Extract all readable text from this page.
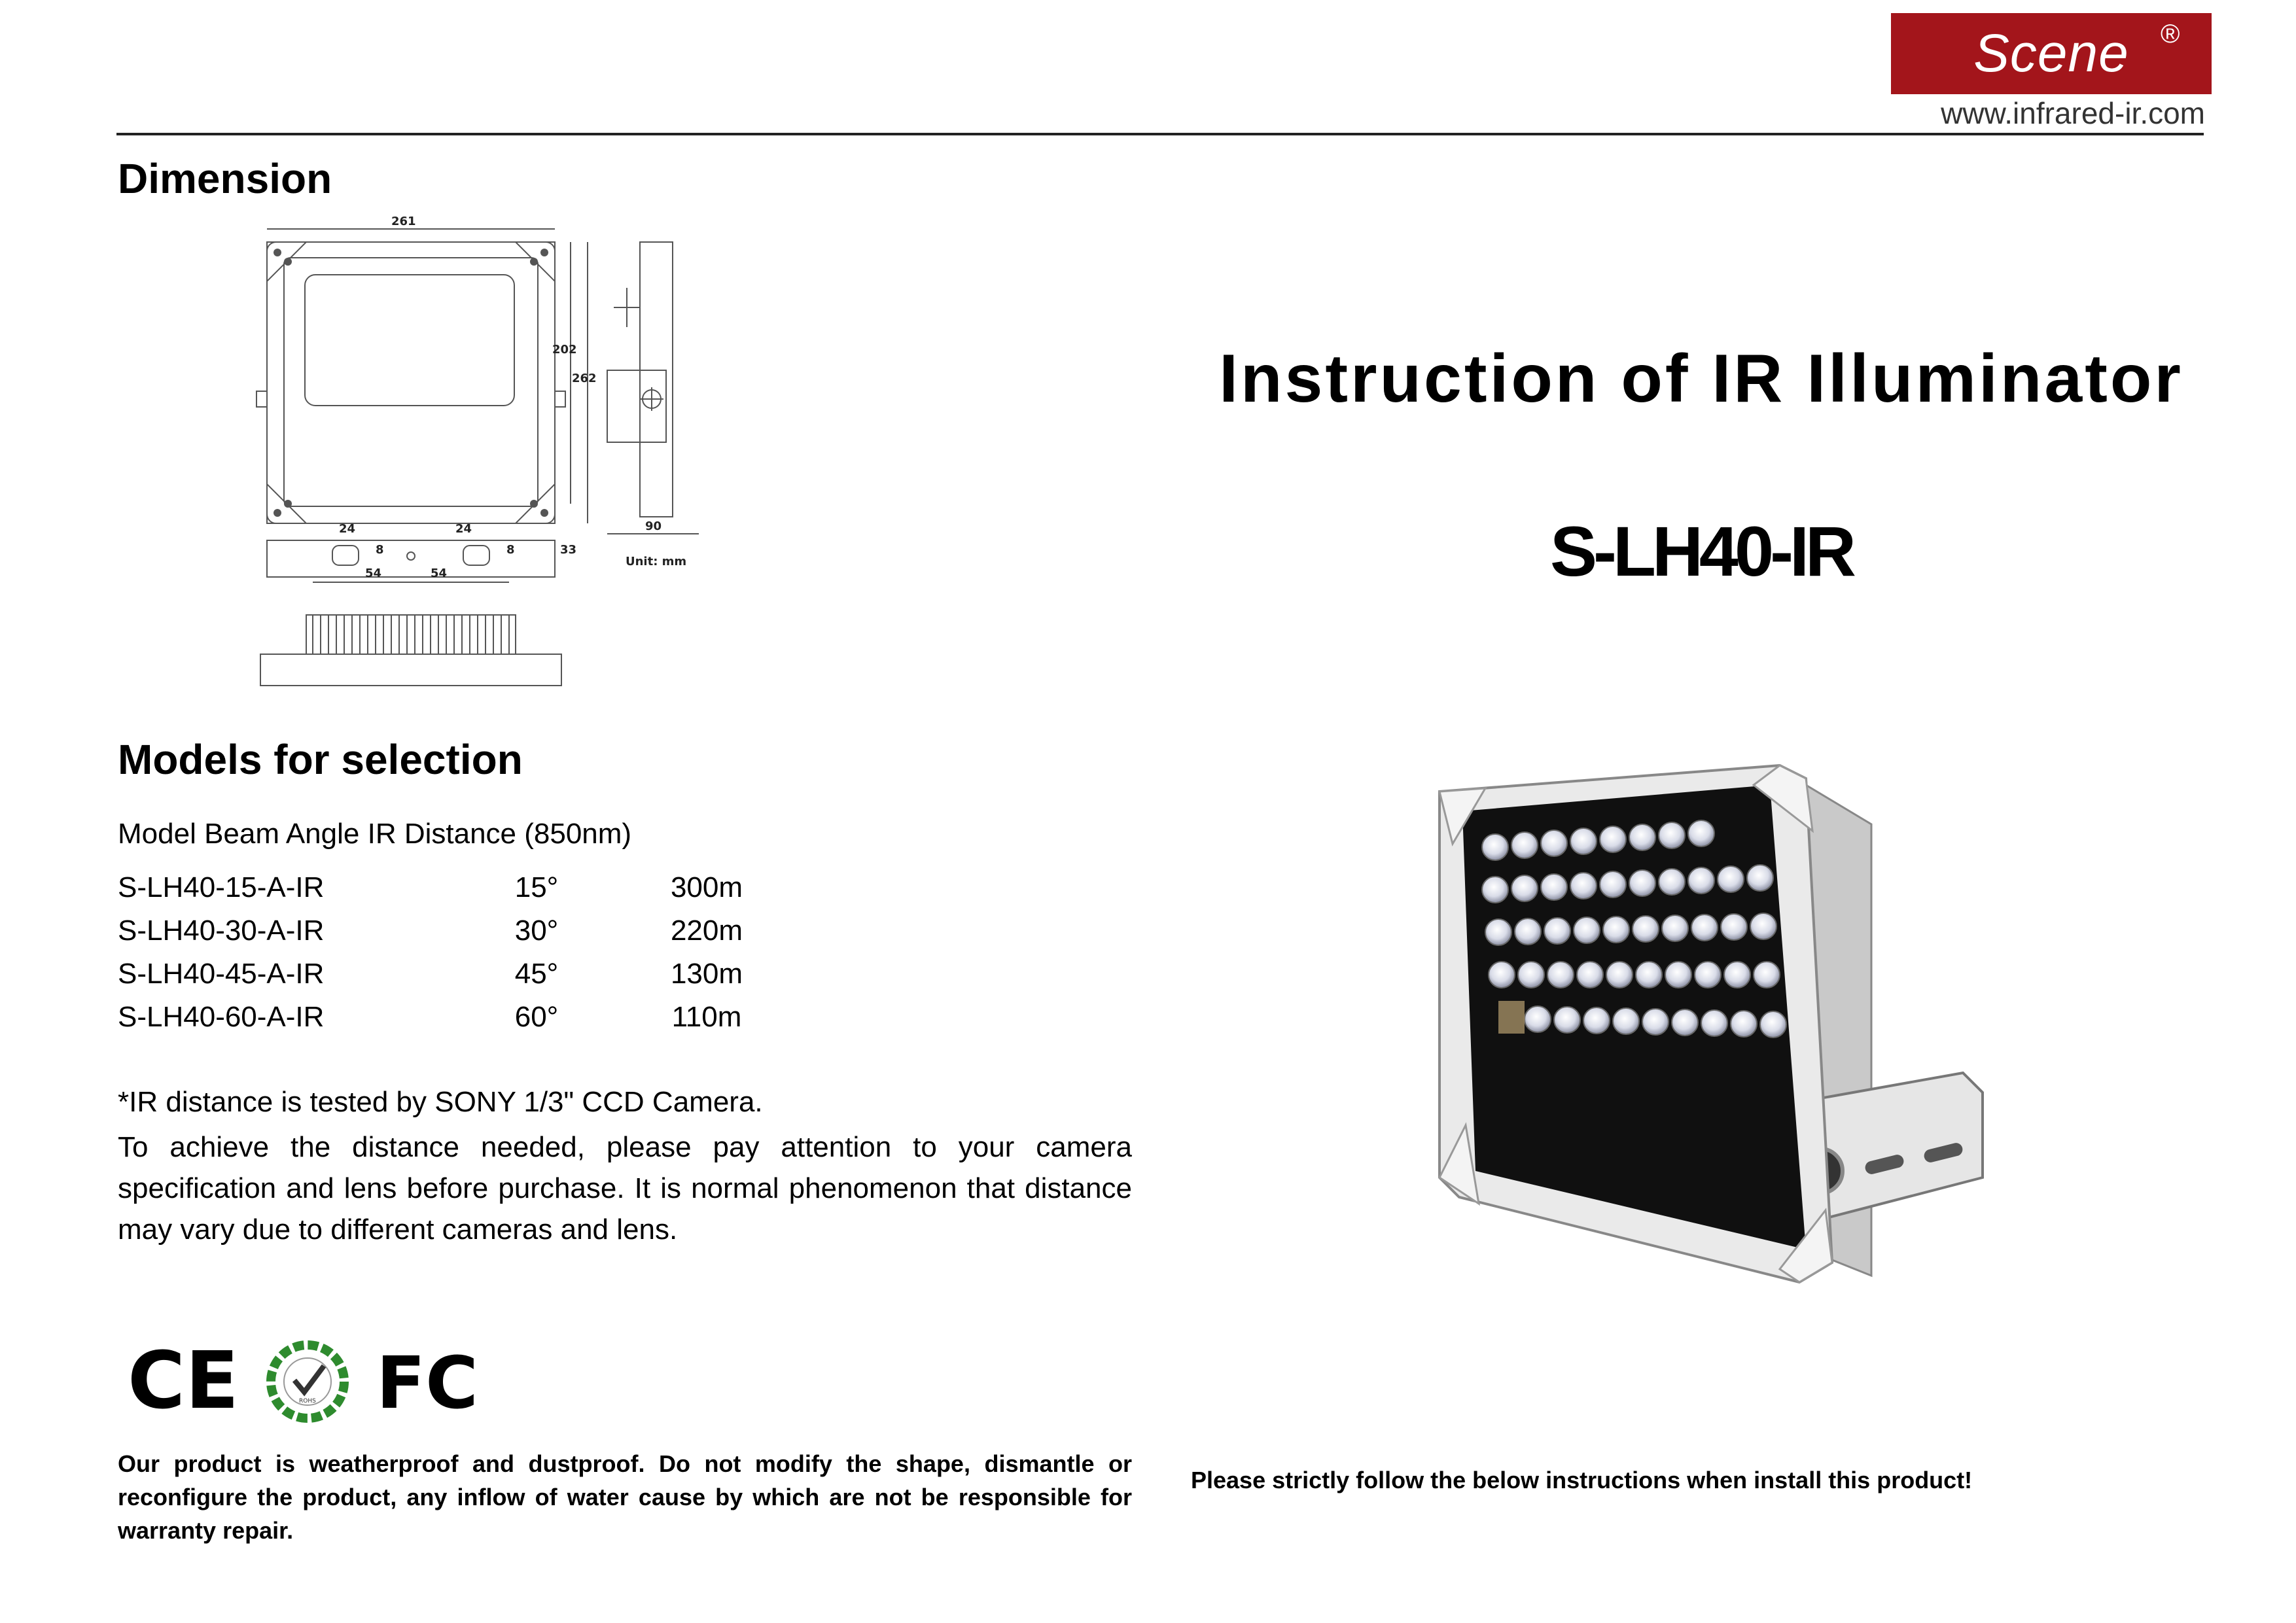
Scene	®
www.infrared-ir.com
Dimension
261
202
262
90
24	24
8	8
54	54
33
Unit: mm
Models for selection
Model Beam Angle IR Distance (850nm)
S-LH40-15-A-IR	15°	300m
S-LH40-30-A-IR	30°	220m
S-LH40-45-A-IR	45°	130m
S-LH40-60-A-IR	60°	110m
*IR distance is tested by SONY 1/3" CCD Camera.
To achieve the distance needed, please pay attention to your camera specification and lens before purchase. It is normal phenomenon that distance may vary due to different cameras and lens.
CE	ROHS FC
Our product is weatherproof and dustproof. Do not modify the shape, dismantle or reconfigure the product, any inflow of water cause by which are not be responsible for warranty repair.
Instruction of IR Illuminator
S-LH40-IR
Please strictly follow the below instructions when install this product!
